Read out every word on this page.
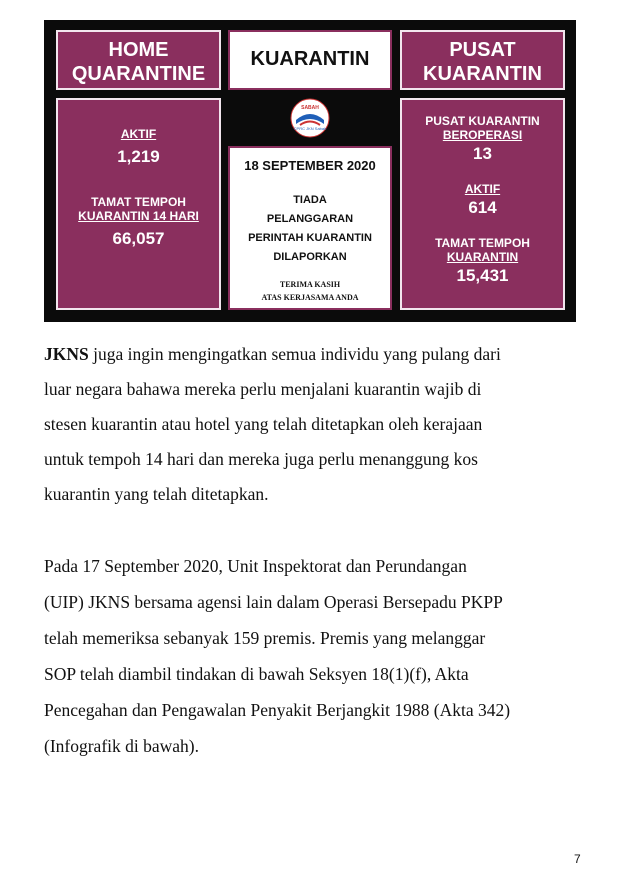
HOME
QUARANTINE
AKTIF
1,219
TAMAT TEMPOH
KUARANTIN 14 HARI
66,057
KUARANTIN
SABAH
CPRC JKN Sabah
18 SEPTEMBER 2020
TIADA
PELANGGARAN
PERINTAH KUARANTIN
DILAPORKAN
TERIMA KASIH
ATAS KERJASAMA ANDA
PUSAT
KUARANTIN
PUSAT KUARANTIN
BEROPERASI
13
AKTIF
614
TAMAT TEMPOH
KUARANTIN
15,431

JKNS juga ingin mengingatkan semua individu yang pulang dari

luar negara bahawa mereka perlu menjalani kuarantin wajib di

stesen kuarantin atau hotel yang telah ditetapkan oleh kerajaan

untuk tempoh 14 hari dan mereka juga perlu menanggung kos

kuarantin yang telah ditetapkan.

Pada 17 September 2020, Unit Inspektorat dan Perundangan

(UIP) JKNS bersama agensi lain dalam Operasi Bersepadu PKPP

telah memeriksa sebanyak 159 premis. Premis yang melanggar

SOP telah diambil tindakan di bawah Seksyen 18(1)(f), Akta

Pencegahan dan Pengawalan Penyakit Berjangkit 1988 (Akta 342)

(Infografik di bawah).

7
